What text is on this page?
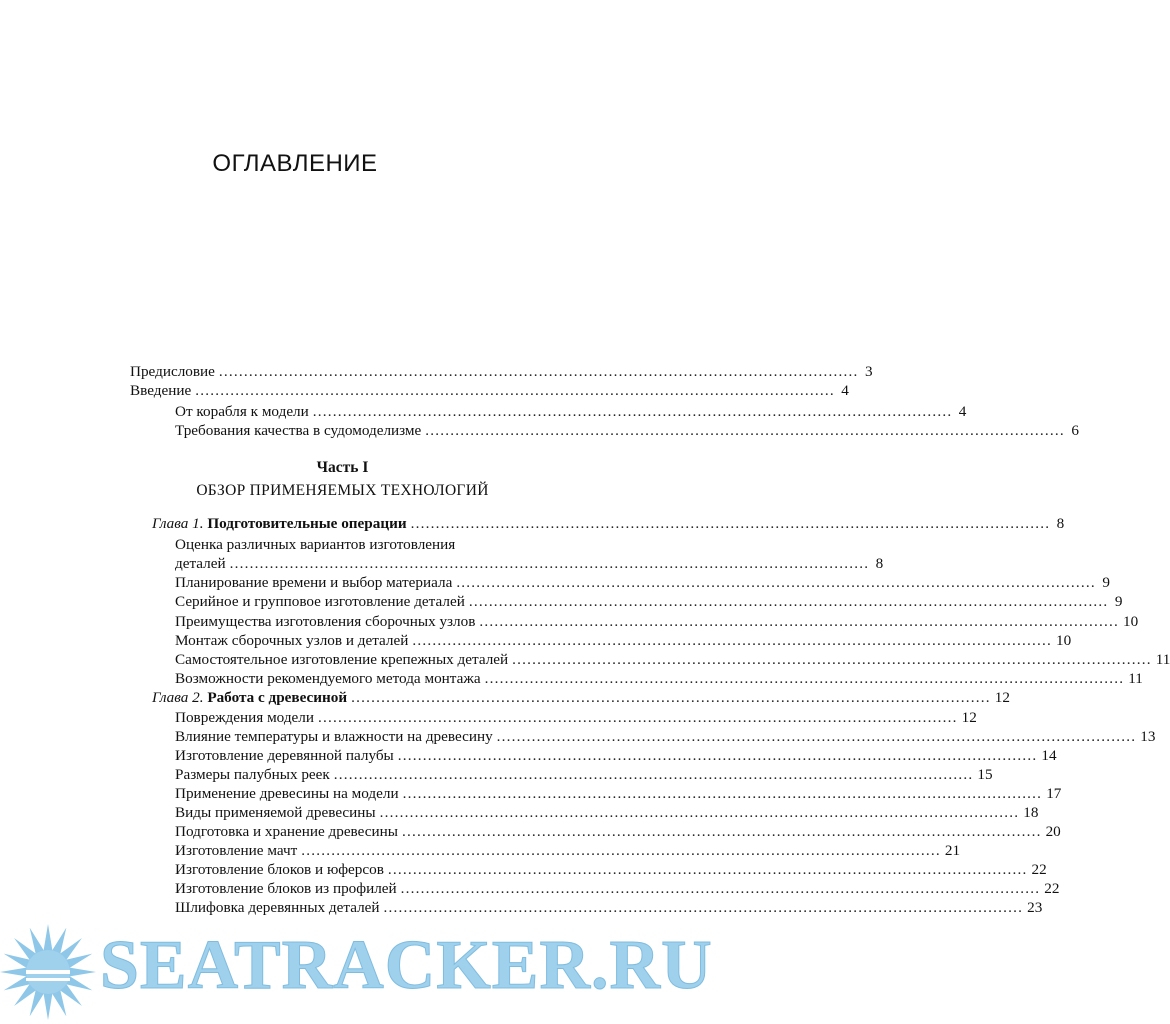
ОГЛАВЛЕНИЕ
Предисловие ................................................................................................................................ 3
Введение ................................................................................................................................ 4
От корабля к модели ................................................................................................................................ 4
Требования качества в судомоделизме ................................................................................................................................ 6
Часть I
ОБЗОР ПРИМЕНЯЕМЫХ ТЕХНОЛОГИЙ
Глава 1. Подготовительные операции ................................................................................................................................ 8
Оценка различных вариантов изготовления
деталей ................................................................................................................................ 8
Планирование времени и выбор материала ................................................................................................................................ 9
Серийное и групповое изготовление деталей ................................................................................................................................ 9
Преимущества изготовления сборочных узлов ................................................................................................................................ 10
Монтаж сборочных узлов и деталей ................................................................................................................................ 10
Самостоятельное изготовление крепежных деталей ................................................................................................................................ 11
Возможности рекомендуемого метода монтажа ................................................................................................................................ 11
Глава 2. Работа с древесиной ................................................................................................................................ 12
Повреждения модели ................................................................................................................................ 12
Влияние температуры и влажности на древесину ................................................................................................................................ 13
Изготовление деревянной палубы ................................................................................................................................ 14
Размеры палубных реек ................................................................................................................................ 15
Применение древесины на модели ................................................................................................................................ 17
Виды применяемой древесины ................................................................................................................................ 18
Подготовка и хранение древесины ................................................................................................................................ 20
Изготовление мачт ................................................................................................................................ 21
Изготовление блоков и юферсов ................................................................................................................................ 22
Изготовление блоков из профилей ................................................................................................................................ 22
Шлифовка деревянных деталей ................................................................................................................................ 23
SEATRACKER.RU
